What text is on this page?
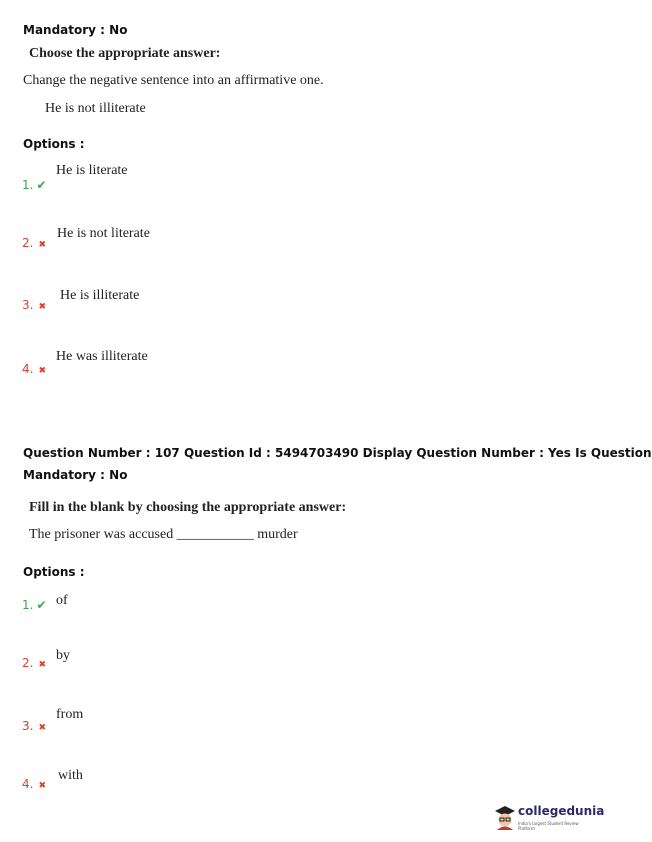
Mandatory : No
Choose the appropriate answer:
Change the negative sentence into an affirmative one.
He is not illiterate
Options :
He is literate
1. ✔
He is not literate
2. ✖
He is illiterate
3. ✖
He was illiterate
4. ✖
Question Number : 107 Question Id : 5494703490 Display Question Number : Yes Is Question
Mandatory : No
Fill in the blank by choosing the appropriate answer:
The prisoner was accused ___________ murder
Options :
1. ✔ of
by
2. ✖
from
3. ✖
with
4. ✖
collegedunia
India's largest Student Review Platform
